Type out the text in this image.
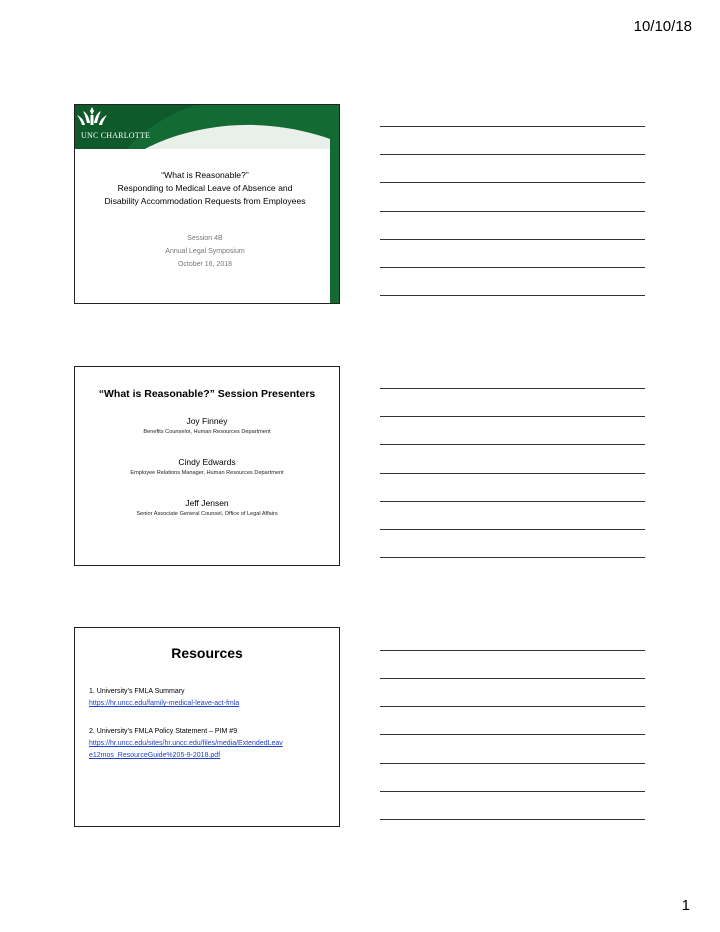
10/10/18
UNC CHARLOTTE
“What is Reasonable?”
Responding to Medical Leave of Absence and
Disability Accommodation Requests from Employees
Session 4B
Annual Legal Symposium
October 16, 2018
“What is Reasonable?” Session Presenters
Joy Finney
Benefits Counselor, Human Resources Department
Cindy Edwards
Employee Relations Manager, Human Resources Department
Jeff Jensen
Senior Associate General Counsel, Office of Legal Affairs
Resources
1. University’s FMLA Summary
https://hr.uncc.edu/family-medical-leave-act-fmla
2. University’s FMLA Policy Statement – PIM #9
https://hr.uncc.edu/sites/hr.uncc.edu/files/media/ExtendedLeav
e12mos_ResourceGuide%205-9-2018.pdf
1
